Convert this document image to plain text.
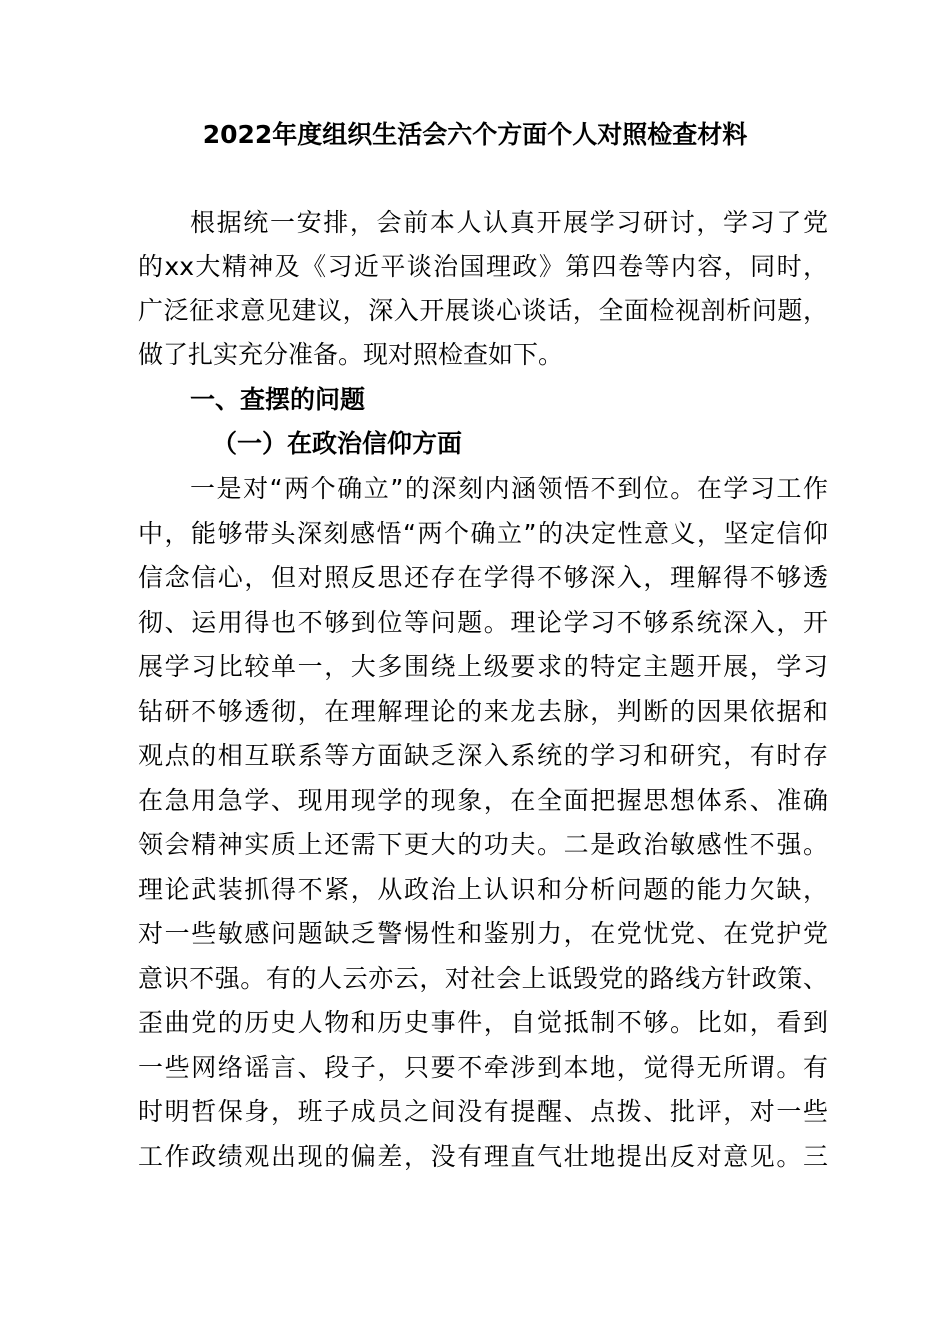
2022年度组织生活会六个方面个人对照检查材料
根据统一安排，会前本人认真开展学习研讨，学习了党
的xx大精神及《习近平谈治国理政》第四卷等内容，同时，
广泛征求意见建议，深入开展谈心谈话，全面检视剖析问题，
做了扎实充分准备。现对照检查如下。
一、查摆的问题
（一）在政治信仰方面
一是对“两个确立”的深刻内涵领悟不到位。在学习工作
中，能够带头深刻感悟“两个确立”的决定性意义，坚定信仰
信念信心，但对照反思还存在学得不够深入，理解得不够透
彻、运用得也不够到位等问题。理论学习不够系统深入，开
展学习比较单一，大多围绕上级要求的特定主题开展，学习
钻研不够透彻，在理解理论的来龙去脉，判断的因果依据和
观点的相互联系等方面缺乏深入系统的学习和研究，有时存
在急用急学、现用现学的现象，在全面把握思想体系、准确
领会精神实质上还需下更大的功夫。二是政治敏感性不强。
理论武装抓得不紧，从政治上认识和分析问题的能力欠缺，
对一些敏感问题缺乏警惕性和鉴别力，在党忧党、在党护党
意识不强。有的人云亦云，对社会上诋毁党的路线方针政策、
歪曲党的历史人物和历史事件，自觉抵制不够。比如，看到
一些网络谣言、段子，只要不牵涉到本地，觉得无所谓。有
时明哲保身，班子成员之间没有提醒、点拨、批评，对一些
工作政绩观出现的偏差，没有理直气壮地提出反对意见。三
